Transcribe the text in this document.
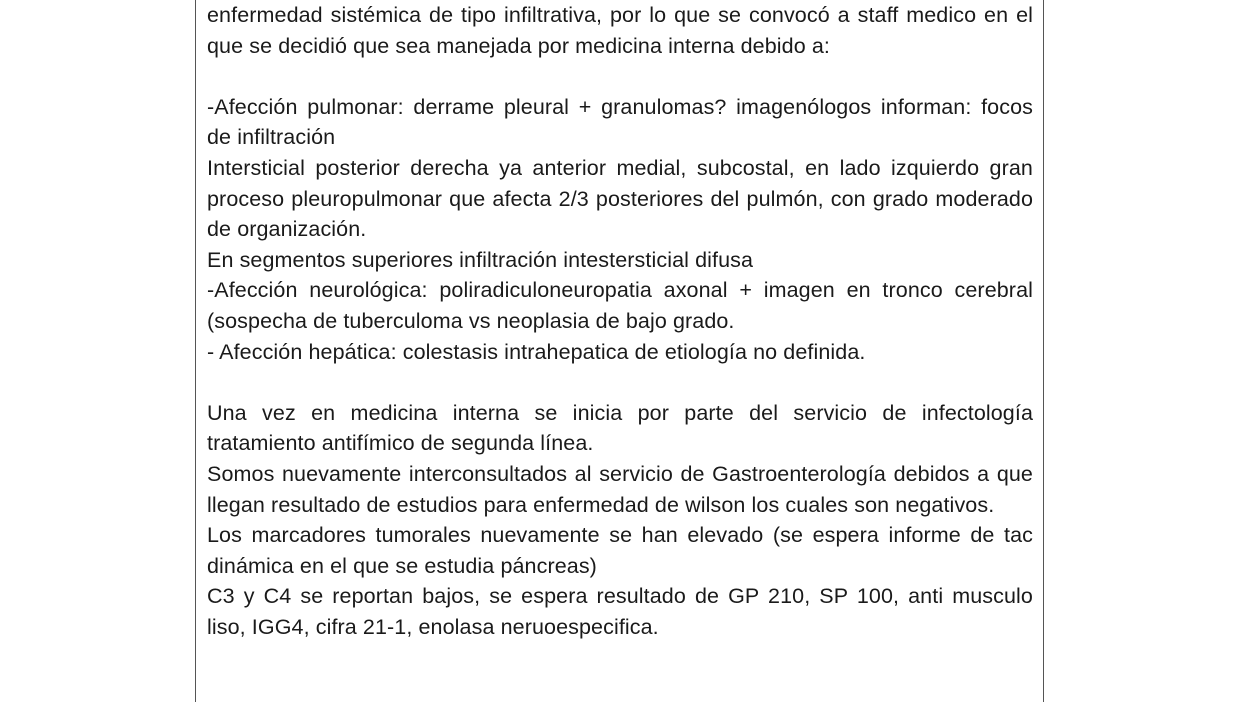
enfermedad sistémica de tipo infiltrativa, por lo que se convocó a staff medico en el que se decidió que sea manejada por medicina interna debido a:

-Afección pulmonar: derrame pleural + granulomas? imagenólogos informan: focos de infiltración

Intersticial posterior derecha ya anterior medial, subcostal, en lado izquierdo gran proceso pleuropulmonar que afecta 2/3 posteriores del pulmón, con grado moderado de organización.

En segmentos superiores infiltración intestersticial difusa

-Afección neurológica: poliradiculoneuropatia axonal + imagen en tronco cerebral (sospecha de tuberculoma vs neoplasia de bajo grado.

- Afección hepática: colestasis intrahepatica de etiología no definida.

Una vez en medicina interna se inicia por parte del servicio de infectología tratamiento antifímico de segunda línea.

Somos nuevamente interconsultados al servicio de Gastroenterología debidos a que llegan resultado de estudios para enfermedad de wilson los cuales son negativos.

Los marcadores tumorales nuevamente se han elevado (se espera informe de tac dinámica en el que se estudia páncreas)

C3 y C4 se reportan bajos, se espera resultado de GP 210, SP 100, anti musculo liso, IGG4, cifra 21-1, enolasa neruoespecifica.
